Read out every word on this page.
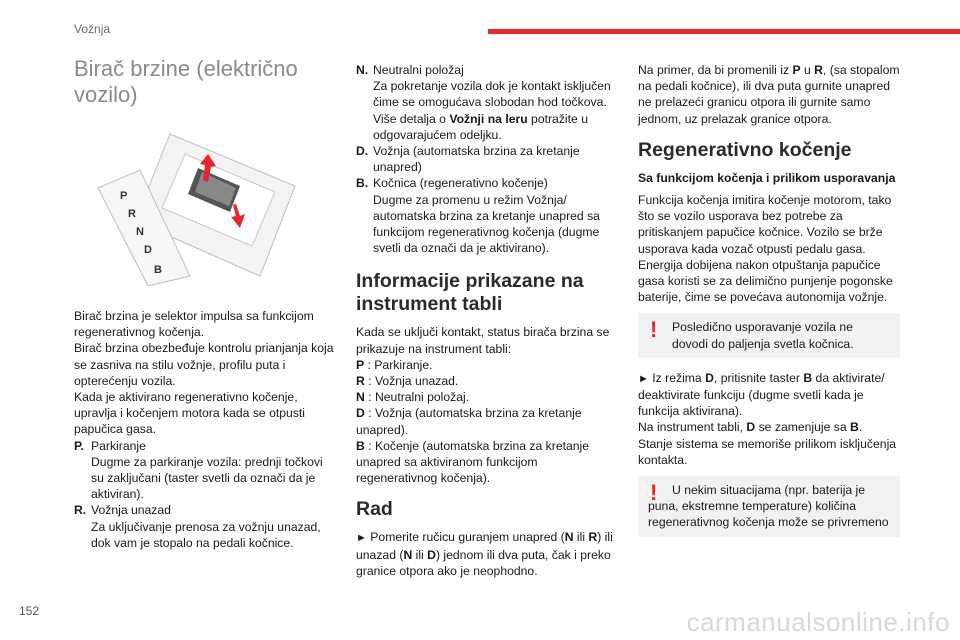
Vožnja
Birač brzine (električno vozilo)
P
R
N
D
B

Birač brzina je selektor impulsa sa funkcijom regenerativnog kočenja.

Birač brzina obezbeđuje kontrolu prianjanja koja se zasniva na stilu vožnje, profilu puta i opterećenju vozila.

Kada je aktivirano regenerativno kočenje, upravlja i kočenjem motora kada se otpusti papučica gasa.

P. Parkiranje
Dugme za parkiranje vozila: prednji točkovi su zaključani (taster svetli da označi da je aktiviran).
R. Vožnja unazad
Za uključivanje prenosa za vožnju unazad, dok vam je stopalo na pedali kočnice.
N. Neutralni položaj
Za pokretanje vozila dok je kontakt isključen čime se omogućava slobodan hod točkova. Više detalja o Vožnji na leru potražite u odgovarajućem odeljku.
D. Vožnja (automatska brzina za kretanje unapred)
B. Kočnica (regenerativno kočenje)
Dugme za promenu u režim Vožnja/ automatska brzina za kretanje unapred sa funkcijom regenerativnog kočenja (dugme svetli da označi da je aktivirano).
Informacije prikazane na instrument tabli

Kada se uključi kontakt, status birača brzina se prikazuje na instrument tabli:

P : Parkiranje.
R : Vožnja unazad.
N : Neutralni položaj.
D : Vožnja (automatska brzina za kretanje unapred).
B : Kočenje (automatska brzina za kretanje unapred sa aktiviranom funkcijom regenerativnog kočenja).
Rad

► Pomerite ručicu guranjem unapred (N ili R) ili unazad (N ili D) jednom ili dva puta, čak i preko granice otpora ako je neophodno.

Na primer, da bi promenili iz P u R, (sa stopalom na pedali kočnice), ili dva puta gurnite unapred ne prelazeći granicu otpora ili gurnite samo jednom, uz prelazak granice otpora.

Regenerativno kočenje
Sa funkcijom kočenja i prilikom usporavanja

Funkcija kočenja imitira kočenje motorom, tako što se vozilo usporava bez potrebe za pritiskanjem papučice kočnice. Vozilo se brže usporava kada vozač otpusti pedalu gasa. Energija dobijena nakon otpuštanja papučice gasa koristi se za delimično punjenje pogonske baterije, čime se povećava autonomija vožnje.

! Posledično usporavanje vozila ne dovodi do paljenja svetla kočnica.

► Iz režima D, pritisnite taster B da aktivirate/ deaktivirate funkciju (dugme svetli kada je funkcija aktivirana).

Na instrument tabli, D se zamenjuje sa B.

Stanje sistema se memoriše prilikom isključenja kontakta.

!	U nekim situacijama (npr. baterija je puna, ekstremne temperature) količina regenerativnog kočenja može se privremeno
152	carmanualsonline.info
